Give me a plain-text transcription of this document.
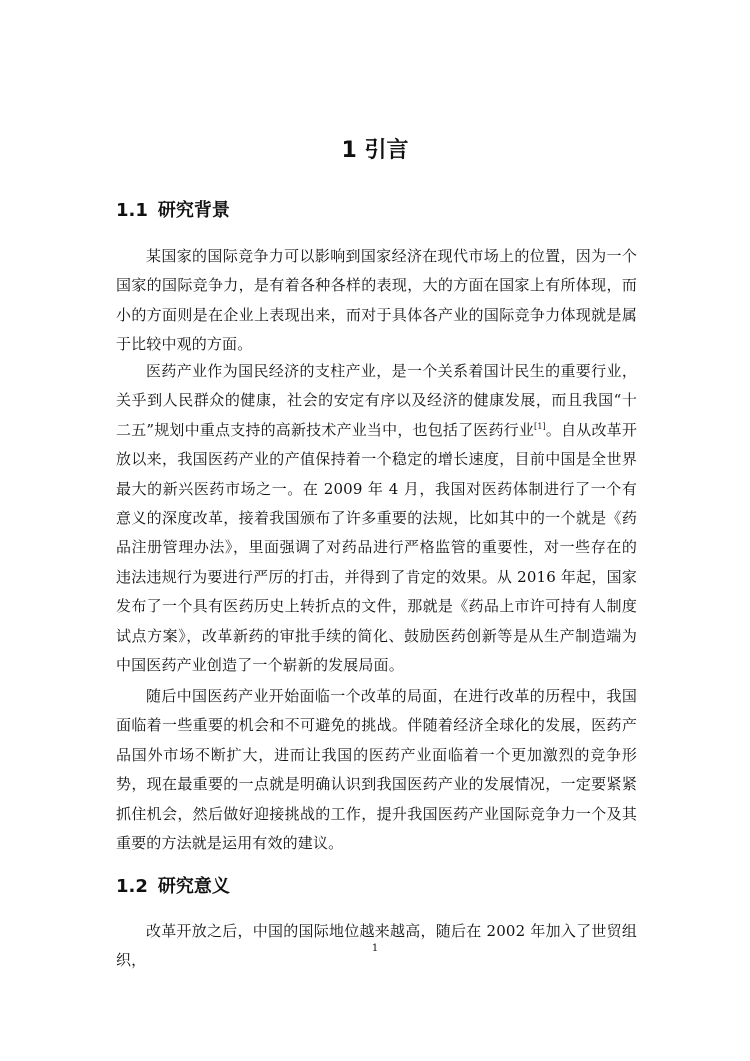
1 引言
1.1 研究背景

某国家的国际竞争力可以影响到国家经济在现代市场上的位置，因为一个国家的国际竞争力，是有着各种各样的表现，大的方面在国家上有所体现，而小的方面则是在企业上表现出来，而对于具体各产业的国际竞争力体现就是属于比较中观的方面。

医药产业作为国民经济的支柱产业，是一个关系着国计民生的重要行业，关乎到人民群众的健康，社会的安定有序以及经济的健康发展，而且我国“十二五”规划中重点支持的高新技术产业当中，也包括了医药行业[1]。自从改革开放以来，我国医药产业的产值保持着一个稳定的增长速度，目前中国是全世界最大的新兴医药市场之一。在 2009 年 4 月，我国对医药体制进行了一个有意义的深度改革，接着我国颁布了许多重要的法规，比如其中的一个就是《药品注册管理办法》，里面强调了对药品进行严格监管的重要性，对一些存在的违法违规行为要进行严厉的打击，并得到了肯定的效果。从 2016 年起，国家发布了一个具有医药历史上转折点的文件，那就是《药品上市许可持有人制度试点方案》，改革新药的审批手续的简化、鼓励医药创新等是从生产制造端为中国医药产业创造了一个崭新的发展局面。

随后中国医药产业开始面临一个改革的局面，在进行改革的历程中，我国面临着一些重要的机会和不可避免的挑战。伴随着经济全球化的发展，医药产品国外市场不断扩大，进而让我国的医药产业面临着一个更加激烈的竞争形势，现在最重要的一点就是明确认识到我国医药产业的发展情况，一定要紧紧抓住机会，然后做好迎接挑战的工作，提升我国医药产业国际竞争力一个及其重要的方法就是运用有效的建议。

1.2 研究意义

改革开放之后，中国的国际地位越来越高，随后在 2002 年加入了世贸组织，

1
